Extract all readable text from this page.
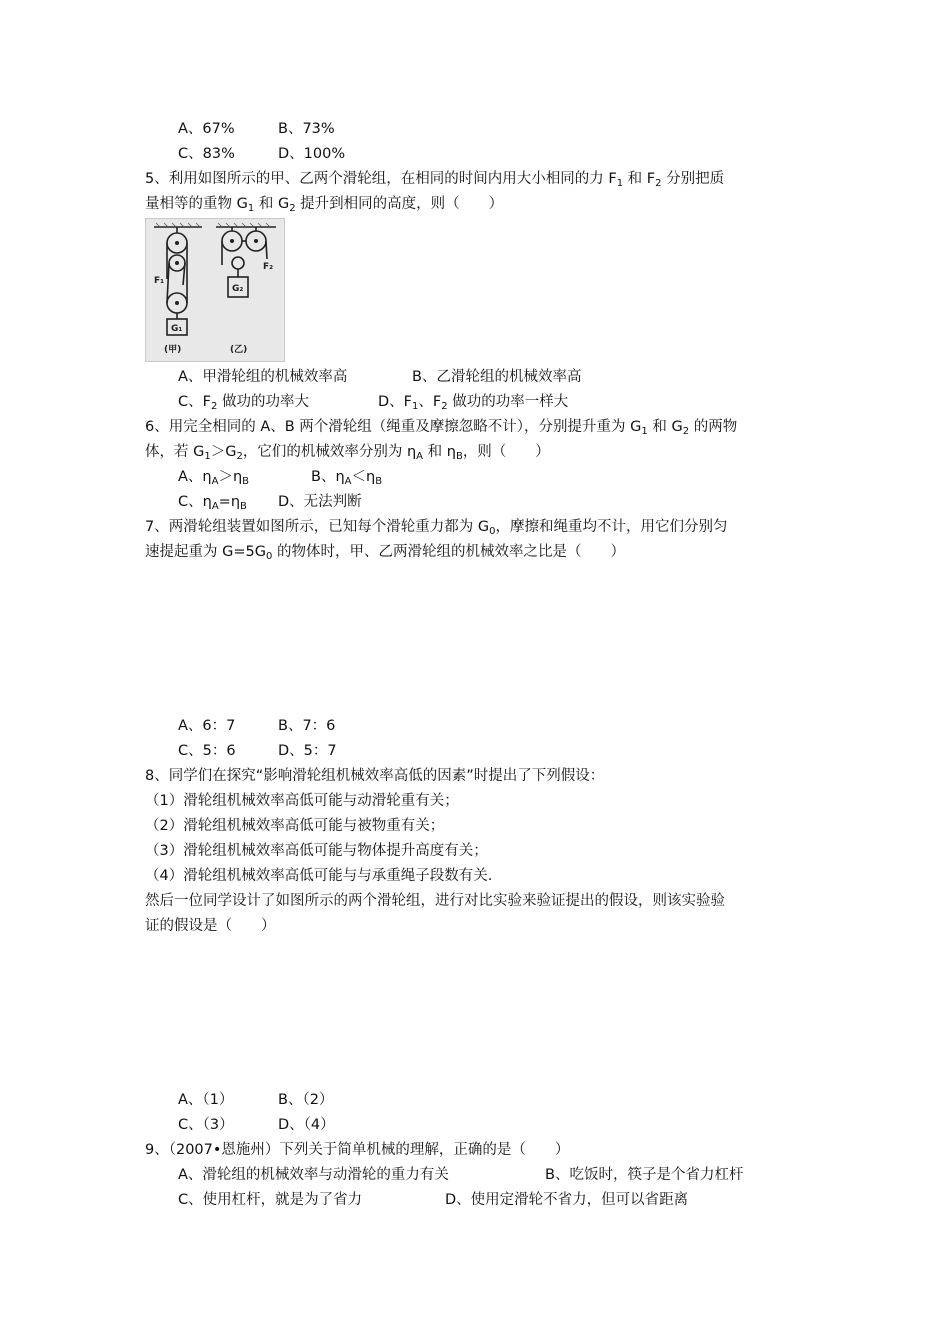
A、67%	B、73%
C、83%	D、100%
5、利用如图所示的甲、乙两个滑轮组，在相同的时间内用大小相同的力 $F_1$ 和 $F_2$ 分别把质
量相等的重物 $G_1$ 和 $G_2$ 提升到相同的高度，则（　　）
F₁
G₁
F₂
G₂
(甲)	(乙)
A、甲滑轮组的机械效率高	B、乙滑轮组的机械效率高
C、$F_2$ 做功的功率大	D、$F_1$、$F_2$ 做功的功率一样大
6、用完全相同的 A、B 两个滑轮组（绳重及摩擦忽略不计），分别提升重为 $G_1$ 和 $G_2$ 的两物
体，若 $G_1>G_2$，它们的机械效率分别为 $\eta_A$ 和 $\eta_B$，则（　　）
A、$\eta_A>\eta_B$	B、$\eta_A<\eta_B$
C、$\eta_A=\eta_B$ D、无法判断
7、两滑轮组装置如图所示，已知每个滑轮重力都为 $G_0$，摩擦和绳重均不计，用它们分别匀
速提起重为 $G=5G_0$ 的物体时，甲、乙两滑轮组的机械效率之比是（　　）
A、6：7	B、7：6
C、5：6	D、5：7
8、同学们在探究“影响滑轮组机械效率高低的因素”时提出了下列假设：
（1）滑轮组机械效率高低可能与动滑轮重有关；
（2）滑轮组机械效率高低可能与被物重有关；
（3）滑轮组机械效率高低可能与物体提升高度有关；
（4）滑轮组机械效率高低可能与与承重绳子段数有关.
然后一位同学设计了如图所示的两个滑轮组，进行对比实验来验证提出的假设，则该实验验
证的假设是（　　）
A、（1）	B、（2）
C、（3）	D、（4）
9、（2007•恩施州）下列关于简单机械的理解，正确的是（　　）
A、滑轮组的机械效率与动滑轮的重力有关	B、吃饭时，筷子是个省力杠杆
C、使用杠杆，就是为了省力	D、使用定滑轮不省力，但可以省距离
